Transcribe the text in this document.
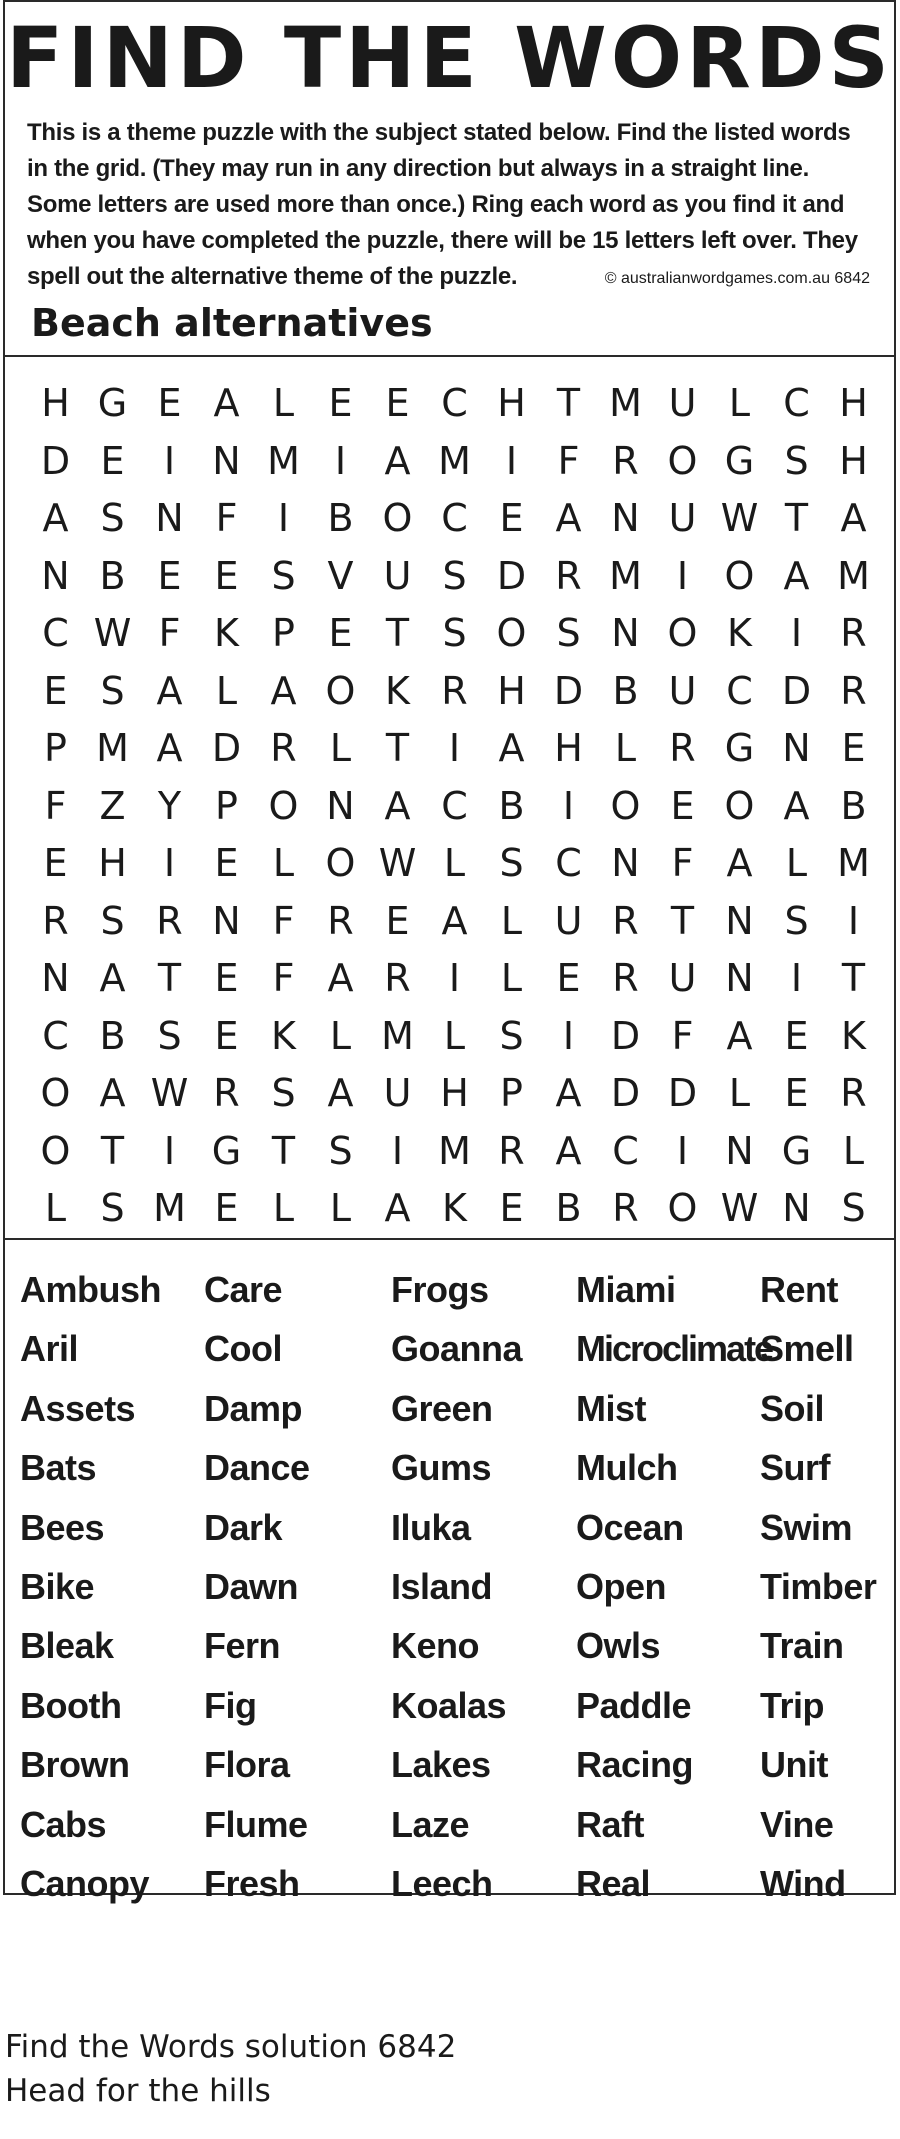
FIND THE WORDS
This is a theme puzzle with the subject stated below. Find the listed words
in the grid. (They may run in any direction but always in a straight line.
Some letters are used more than once.) Ring each word as you find it and
when you have completed the puzzle, there will be 15 letters left over. They
spell out the alternative theme of the puzzle.	© australianwordgames.com.au 6842
Beach alternatives
H G E A L E E C H T M U L C H
D E	I N M I	A M I	F R O G S H
A S N F	I	B O C E A N U W T A
N B E E S V U S D R M I O A M
C W F K P E T S O S N O K	I	R
E S A L A O K R H D B U C D R
P M A D R L T	I	A H L R G N E
F Z Y P O N A C B	I O E O A B
E H I	E L O W L S C N F A L M
R S R N F R E A L U R T N S	I
N A T E F A R	I	L E R U N I	T
C B S E K L M L S	I D F A E K
O A W R S A U H P A D D L E R
O T	I G T S	I M R A C	I N G L
L S M E L L A K E B R O W N S
Ambush
Aril
Assets
Bats
Bees
Bike
Bleak
Booth
Brown
Cabs
Canopy
Care
Cool
Damp
Dance
Dark
Dawn
Fern
Fig
Flora
Flume
Fresh
Frogs
Goanna
Green
Gums
Iluka
Island
Keno
Koalas
Lakes
Laze
Leech
Miami
Microclimate
Mist
Mulch
Ocean
Open
Owls
Paddle
Racing
Raft
Real
Rent
Smell
Soil
Surf
Swim
Timber
Train
Trip
Unit
Vine
Wind
Find the Words solution 6842
Head for the hills
